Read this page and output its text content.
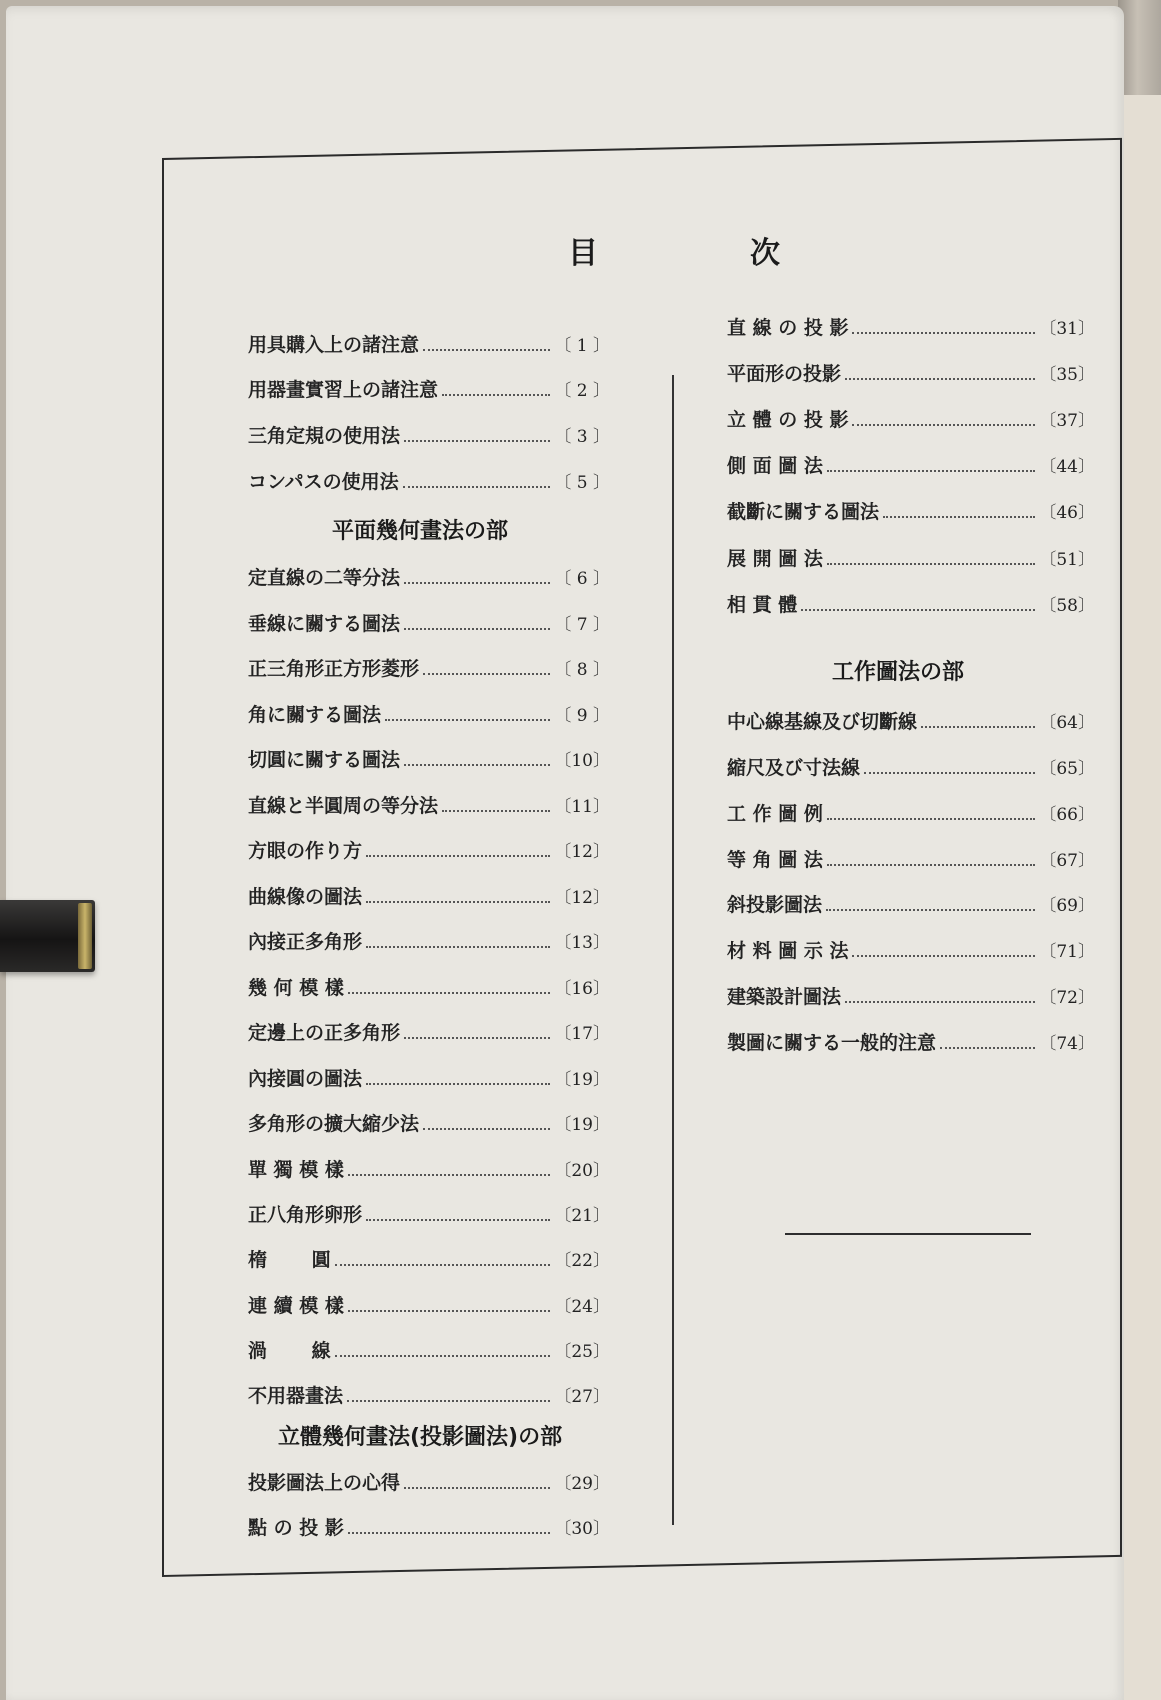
目	次
用具購入上の諸注意	〔 1 〕
用器畫實習上の諸注意	〔 2 〕
三角定規の使用法	〔 3 〕
コンパスの使用法	〔 5 〕
平面幾何畫法の部
定直線の二等分法	〔 6 〕
垂線に關する圖法	〔 7 〕
正三角形正方形菱形	〔 8 〕
角に關する圖法	〔 9 〕
切圓に關する圖法	〔10〕
直線と半圓周の等分法	〔11〕
方眼の作り方	〔12〕
曲線像の圖法	〔12〕
內接正多角形	〔13〕
幾 何 模 樣	〔16〕
定邊上の正多角形	〔17〕
內接圓の圖法	〔19〕
多角形の擴大縮少法	〔19〕
單 獨 模 樣	〔20〕
正八角形卵形	〔21〕
楕　　 圓	〔22〕
連 續 模 樣	〔24〕
渦　　 線	〔25〕
不用器畫法	〔27〕
立體幾何畫法(投影圖法)の部
投影圖法上の心得	〔29〕
點 の 投 影	〔30〕
直 線 の 投 影	〔31〕
平面形の投影	〔35〕
立 體 の 投 影	〔37〕
側 面 圖 法	〔44〕
截斷に關する圖法	〔46〕
展 開 圖 法	〔51〕
相 貫 體	〔58〕
工作圖法の部
中心線基線及び切斷線	〔64〕
縮尺及び寸法線	〔65〕
工 作 圖 例	〔66〕
等 角 圖 法	〔67〕
斜投影圖法	〔69〕
材 料 圖 示 法	〔71〕
建築設計圖法	〔72〕
製圖に關する一般的注意	〔74〕
